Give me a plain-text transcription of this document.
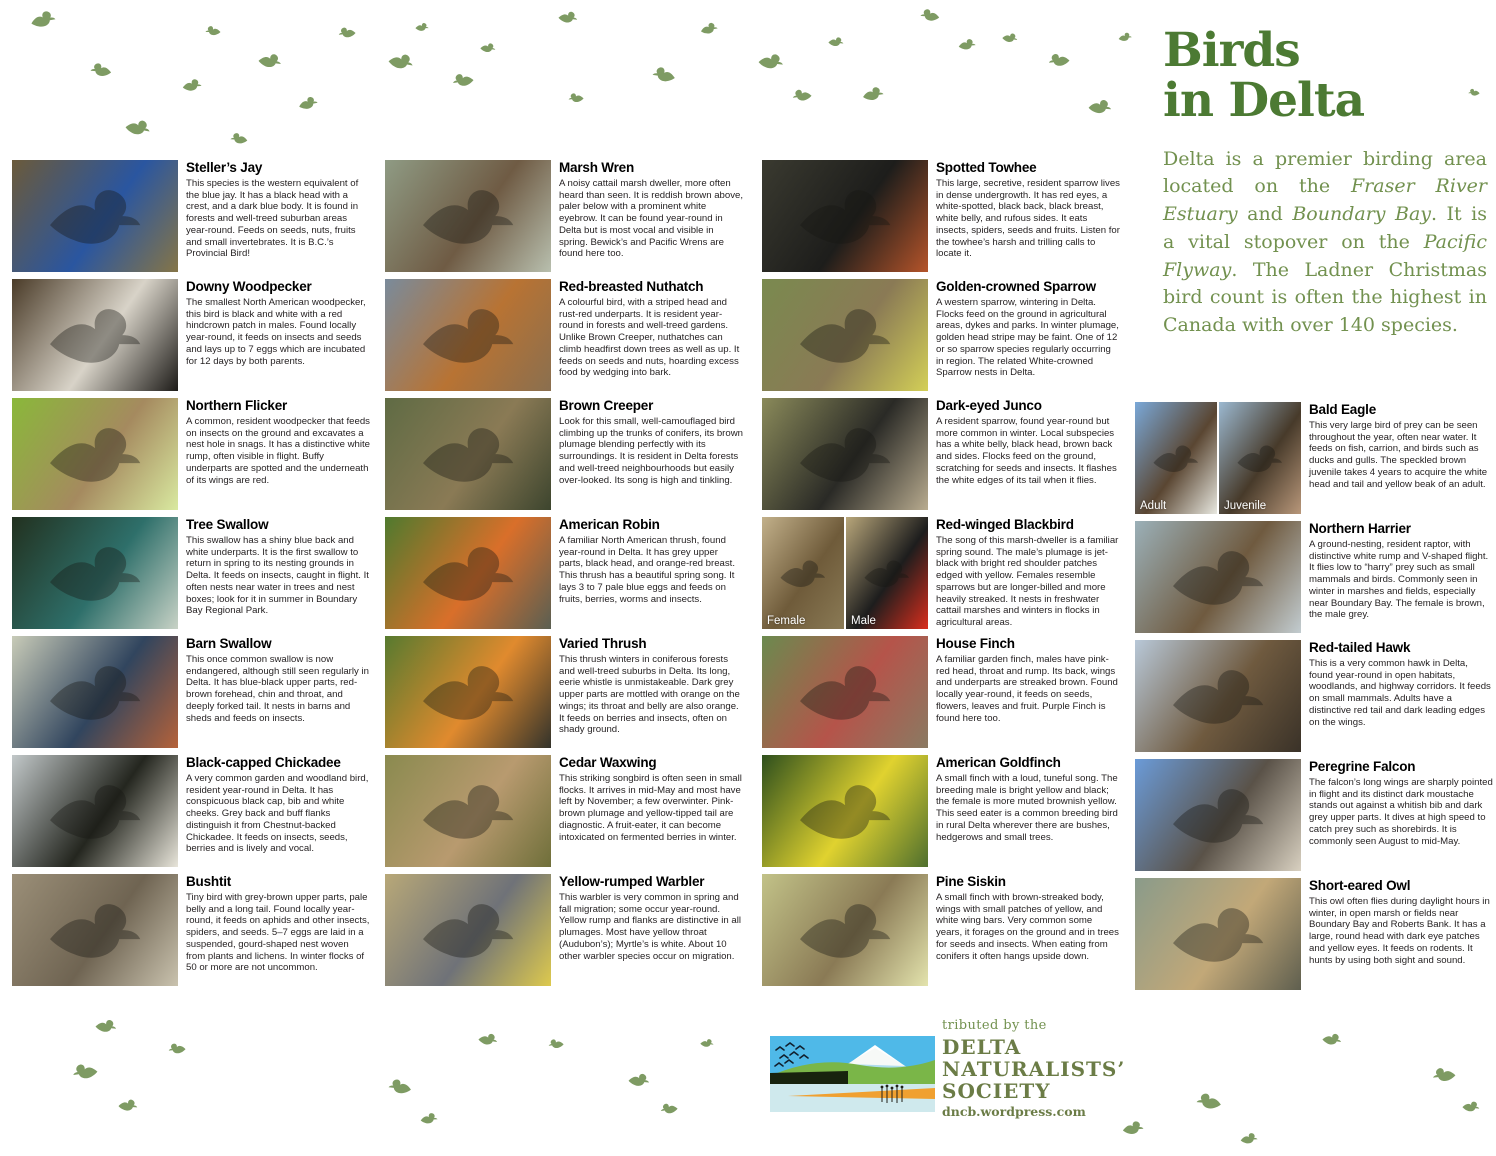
Steller’s Jay

This species is the western equivalent of the blue jay. It has a black head with a crest, and a dark blue body. It is found in forests and well-treed suburban areas year-round. Feeds on seeds, nuts, fruits and small invertebrates. It is B.C.’s Provincial Bird!

Downy Woodpecker

The smallest North American woodpecker, this bird is black and white with a red hindcrown patch in males. Found locally year-round, it feeds on insects and seeds and lays up to 7 eggs which are incubated for 12 days by both parents.

Northern Flicker

A common, resident woodpecker that feeds on insects on the ground and excavates a nest hole in snags. It has a distinctive white rump, often visible in flight. Buffy underparts are spotted and the underneath of its wings are red.

Tree Swallow

This swallow has a shiny blue back and white underparts. It is the first swallow to return in spring to its nesting grounds in Delta. It feeds on insects, caught in flight. It often nests near water in trees and nest boxes; look for it in summer in Boundary Bay Regional Park.

Barn Swallow

This once common swallow is now endangered, although still seen regularly in Delta. It has blue-black upper parts, red-brown forehead, chin and throat, and deeply forked tail. It nests in barns and sheds and feeds on insects.

Black-capped Chickadee

A very common garden and woodland bird, resident year-round in Delta. It has conspicuous black cap, bib and white cheeks. Grey back and buff flanks distinguish it from Chestnut-backed Chickadee. It feeds on insects, seeds, berries and is lively and vocal.

Bushtit

Tiny bird with grey-brown upper parts, pale belly and a long tail. Found locally year-round, it feeds on aphids and other insects, spiders, and seeds. 5–7 eggs are laid in a suspended, gourd-shaped nest woven from plants and lichens. In winter flocks of 50 or more are not uncommon.

Marsh Wren

A noisy cattail marsh dweller, more often heard than seen. It is reddish brown above, paler below with a prominent white eyebrow. It can be found year-round in Delta but is most vocal and visible in spring. Bewick’s and Pacific Wrens are found here too.

Red-breasted Nuthatch

A colourful bird, with a striped head and rust-red underparts. It is resident year-round in forests and well-treed gardens. Unlike Brown Creeper, nuthatches can climb headfirst down trees as well as up. It feeds on seeds and nuts, hoarding excess food by wedging into bark.

Brown Creeper

Look for this small, well-camouflaged bird climbing up the trunks of conifers, its brown plumage blending perfectly with its surroundings. It is resident in Delta forests and well-treed neighbourhoods but easily over-looked. Its song is high and tinkling.

American Robin

A familiar North American thrush, found year-round in Delta. It has grey upper parts, black head, and orange-red breast. This thrush has a beautiful spring song. It lays 3 to 7 pale blue eggs and feeds on fruits, berries, worms and insects.

Varied Thrush

This thrush winters in coniferous forests and well-treed suburbs in Delta. Its long, eerie whistle is unmistakeable. Dark grey upper parts are mottled with orange on the wings; its throat and belly are also orange. It feeds on berries and insects, often on shady ground.

Cedar Waxwing

This striking songbird is often seen in small flocks. It arrives in mid-May and most have left by November; a few overwinter. Pink-brown plumage and yellow-tipped tail are diagnostic. A fruit-eater, it can become intoxicated on fermented berries in winter.

Yellow-rumped Warbler

This warbler is very common in spring and fall migration; some occur year-round. Yellow rump and flanks are distinctive in all plumages. Most have yellow throat (Audubon’s); Myrtle’s is white. About 10 other warbler species occur on migration.

Spotted Towhee

This large, secretive, resident sparrow lives in dense undergrowth. It has red eyes, a white-spotted, black back, black breast, white belly, and rufous sides. It eats insects, spiders, seeds and fruits. Listen for the towhee’s harsh and trilling calls to locate it.

Golden-crowned Sparrow

A western sparrow, wintering in Delta. Flocks feed on the ground in agricultural areas, dykes and parks. In winter plumage, golden head stripe may be faint. One of 12 or so sparrow species regularly occurring in region. The related White-crowned Sparrow nests in Delta.

Dark-eyed Junco

A resident sparrow, found year-round but more common in winter. Local subspecies has a white belly, black head, brown back and sides. Flocks feed on the ground, scratching for seeds and insects. It flashes the white edges of its tail when it flies.

Female	Male
Red-winged Blackbird

The song of this marsh-dweller is a familiar spring sound. The male’s plumage is jet-black with bright red shoulder patches edged with yellow. Females resemble sparrows but are longer-billed and more heavily streaked. It nests in freshwater cattail marshes and winters in flocks in agricultural areas.

House Finch

A familiar garden finch, males have pink-red head, throat and rump. Its back, wings and underparts are streaked brown. Found locally year-round, it feeds on seeds, flowers, leaves and fruit. Purple Finch is found here too.

American Goldfinch

A small finch with a loud, tuneful song. The breeding male is bright yellow and black; the female is more muted brownish yellow. This seed eater is a common breeding bird in rural Delta wherever there are bushes, hedgerows and small trees.

Pine Siskin

A small finch with brown-streaked body, wings with small patches of yellow, and white wing bars. Very common some years, it forages on the ground and in trees for seeds and insects. When eating from conifers it often hangs upside down.

Birds
in Delta

Delta is a premier birding area located on the Fraser River Estuary and Boundary Bay. It is a vital stopover on the Pacific Flyway. The Ladner Christmas bird count is often the highest in Canada with over 140 species.

Adult	Juvenile
Bald Eagle

This very large bird of prey can be seen throughout the year, often near water. It feeds on fish, carrion, and birds such as ducks and gulls. The speckled brown juvenile takes 4 years to acquire the white head and tail and yellow beak of an adult.

Northern Harrier

A ground-nesting, resident raptor, with distinctive white rump and V-shaped flight. It flies low to “harry” prey such as small mammals and birds. Commonly seen in winter in marshes and fields, especially near Boundary Bay. The female is brown, the male grey.

Red-tailed Hawk

This is a very common hawk in Delta, found year-round in open habitats, woodlands, and highway corridors. It feeds on small mammals. Adults have a distinctive red tail and dark leading edges on the wings.

Peregrine Falcon

The falcon’s long wings are sharply pointed in flight and its distinct dark moustache stands out against a whitish bib and dark grey upper parts. It dives at high speed to catch prey such as shorebirds. It is commonly seen August to mid-May.

Short-eared Owl

This owl often flies during daylight hours in winter, in open marsh or fields near Boundary Bay and Roberts Bank. It has a large, round head with dark eye patches and yellow eyes. It feeds on rodents. It hunts by using both sight and sound.

tributed by the
DELTA
NATURALISTS’
SOCIETY
dncb.wordpress.com
